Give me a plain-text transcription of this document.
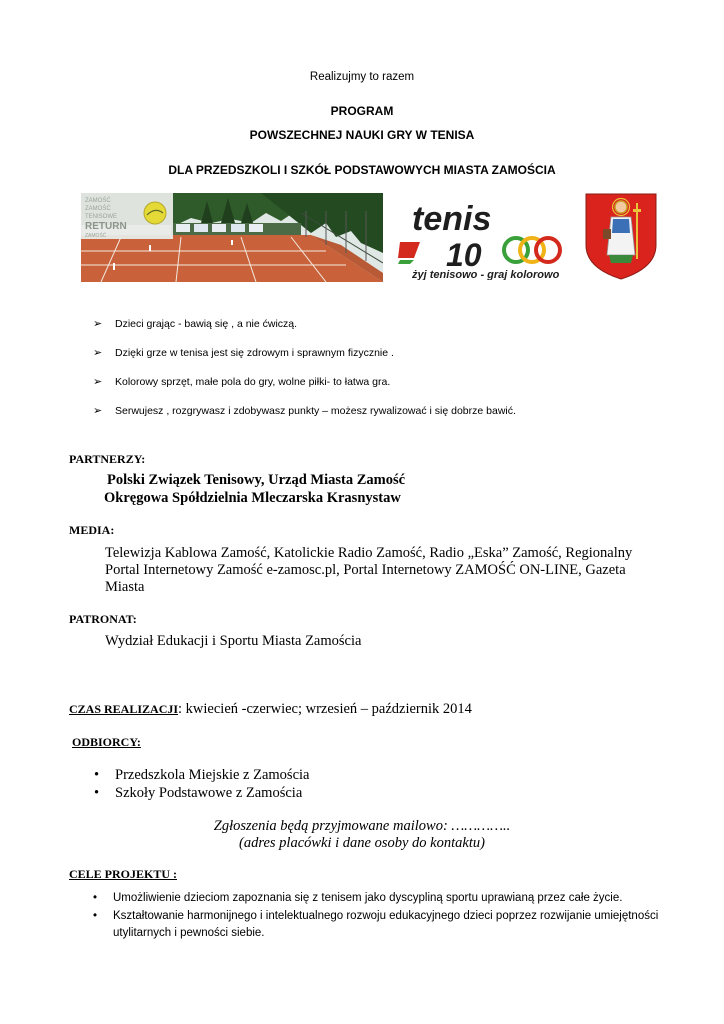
Realizujmy to razem
PROGRAM
POWSZECHNEJ NAUKI GRY W TENISA
DLA PRZEDSZKOLI I SZKÓŁ PODSTAWOWYCH MIASTA ZAMOŚCIA
ZAMOŚĆ
ZAMOŚĆ
TENISOWE
RETURN
ZAMOŚĆ	tenis
10
żyj tenisowo - graj kolorowo
➢ Dzieci grając - bawią się , a nie ćwiczą.
➢ Dzięki grze w tenisa jest się zdrowym i sprawnym fizycznie .
➢ Kolorowy sprzęt, małe pola do gry, wolne piłki- to łatwa gra.
➢ Serwujesz , rozgrywasz i zdobywasz punkty – możesz rywalizować i się dobrze bawić.
PARTNERZY:
Polski Związek Tenisowy, Urząd Miasta Zamość
Okręgowa Spółdzielnia Mleczarska Krasnystaw
MEDIA:
Telewizja Kablowa Zamość, Katolickie Radio Zamość, Radio „Eska” Zamość, Regionalny
Portal Internetowy Zamość e-zamosc.pl, Portal Internetowy ZAMOŚĆ ON-LINE, Gazeta
Miasta
PATRONAT:
Wydział Edukacji i Sportu Miasta Zamościa
CZAS REALIZACJI: kwiecień -czerwiec; wrzesień – październik 2014
ODBIORCY:
• Przedszkola Miejskie z Zamościa
• Szkoły Podstawowe z Zamościa
Zgłoszenia będą przyjmowane mailowo: …………..
(adres placówki i dane osoby do kontaktu)
CELE PROJEKTU :
• Umożliwienie dzieciom zapoznania się z tenisem jako dyscypliną sportu uprawianą przez całe życie.
• Kształtowanie harmonijnego i intelektualnego rozwoju edukacyjnego dzieci poprzez rozwijanie umiejętności utylitarnych i pewności siebie.
